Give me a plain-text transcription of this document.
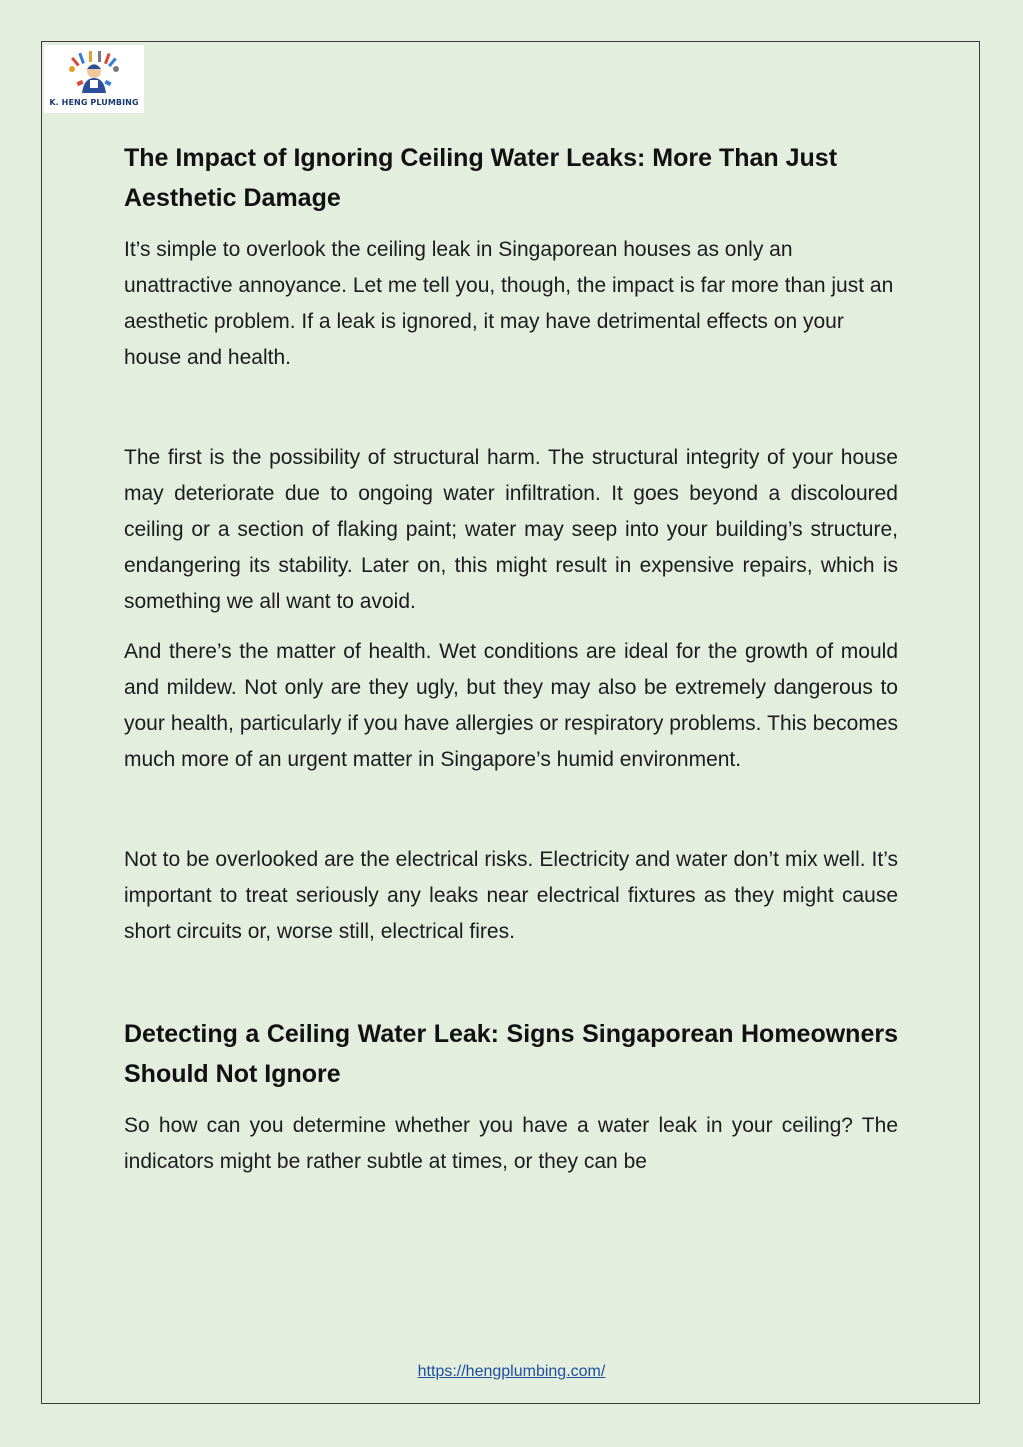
K. HENG PLUMBING
The Impact of Ignoring Ceiling Water Leaks: More Than Just Aesthetic Damage

It’s simple to overlook the ceiling leak in Singaporean houses as only an unattractive annoyance. Let me tell you, though, the impact is far more than just an aesthetic problem. If a leak is ignored, it may have detrimental effects on your house and health.

The first is the possibility of structural harm. The structural integrity of your house may deteriorate due to ongoing water infiltration. It goes beyond a discoloured ceiling or a section of flaking paint; water may seep into your building’s structure, endangering its stability. Later on, this might result in expensive repairs, which is something we all want to avoid.

And there’s the matter of health. Wet conditions are ideal for the growth of mould and mildew. Not only are they ugly, but they may also be extremely dangerous to your health, particularly if you have allergies or respiratory problems. This becomes much more of an urgent matter in Singapore’s humid environment.

Not to be overlooked are the electrical risks. Electricity and water don’t mix well. It’s important to treat seriously any leaks near electrical fixtures as they might cause short circuits or, worse still, electrical fires.

Detecting a Ceiling Water Leak: Signs Singaporean Homeowners Should Not Ignore

So how can you determine whether you have a water leak in your ceiling? The indicators might be rather subtle at times, or they can be

https://hengplumbing.com/
